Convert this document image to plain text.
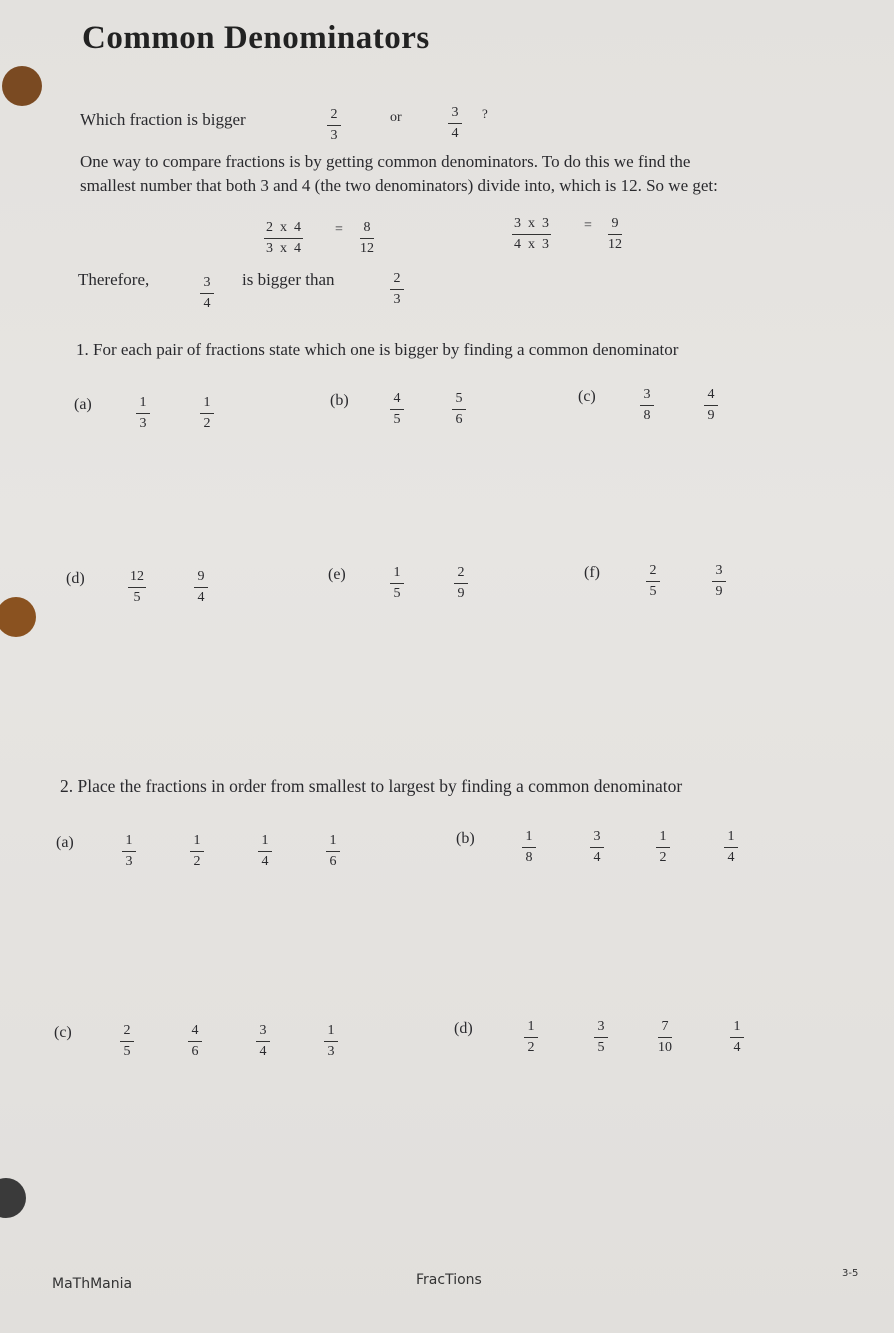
Common Denominators
Which fraction is bigger	$\frac{2}{3}$	or	$\frac{3}{4}$ ?
One way to compare fractions is by getting common denominators. To do this we find the
smallest number that both 3 and 4 (the two denominators) divide into, which is 12. So we get:
$\frac{2 x 4}{3 x 4} = \frac{8}{12}$	$\frac{3 x 3}{4 x 3} = \frac{9}{12}$
Therefore,	$\frac{3}{4}$ is bigger than	$\frac{2}{3}$
1. For each pair of fractions state which one is bigger by finding a common denominator
(a)	$\frac{1}{3}$	$\frac{1}{2}$	(b)	$\frac{4}{5}$	$\frac{5}{6}$	(c)	$\frac{3}{8}$	$\frac{4}{9}$
(d)	$\frac{12}{5}$	$\frac{9}{4}$	(e)	$\frac{1}{5}$	$\frac{2}{9}$	(f)	$\frac{2}{5}$	$\frac{3}{9}$
2. Place the fractions in order from smallest to largest by finding a common denominator
(a)	$\frac{1}{3}$	$\frac{1}{2}$	$\frac{1}{4}$	$\frac{1}{6}$	(b)	$\frac{1}{8}$	$\frac{3}{4}$	$\frac{1}{2}$	$\frac{1}{4}$
(c)	$\frac{2}{5}$	$\frac{4}{6}$	$\frac{3}{4}$	$\frac{1}{3}$	(d)	$\frac{1}{2}$	$\frac{3}{5}$	$\frac{7}{10}$	$\frac{1}{4}$
MaThMania	FracTions	3-5
